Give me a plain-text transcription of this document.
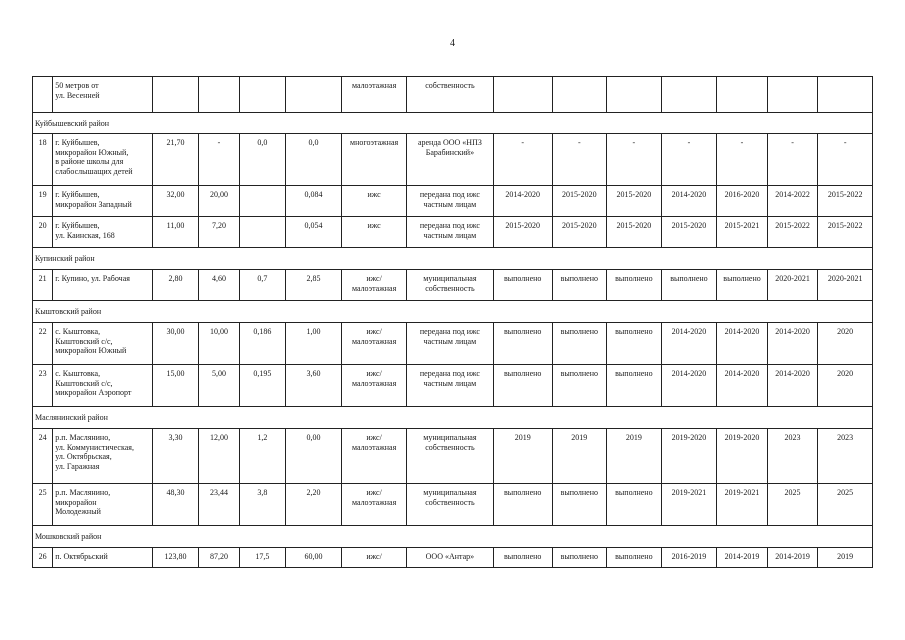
4
	50 метров от
ул. Весенней					малоэтажная	собственность							
Куйбышевский район														
18	г. Куйбышев,
микрорайон Южный,
в районе школы для
слабослышащих детей	21,70	-	0,0	0,0	многоэтажная	аренда ООО «НПЗ
Барабинский»	-	-	-	-	-	-	-
19	г. Куйбышев,
микрорайон Западный	32,00	20,00		0,084	ижс	передана под ижс
частным лицам	2014-2020	2015-2020	2015-2020	2014-2020	2016-2020	2014-2022	2015-2022
20	г. Куйбышев,
ул. Каинская, 168	11,00	7,20		0,054	ижс	передана под ижс
частным лицам	2015-2020	2015-2020	2015-2020	2015-2020	2015-2021	2015-2022	2015-2022
Купинский район														
21	г. Купино, ул. Рабочая	2,80	4,60	0,7	2,85	ижс/
малоэтажная	муниципальная
собственность	выполнено	выполнено	выполнено	выполнено	выполнено	2020-2021	2020-2021
Кыштовский район														
22	с. Кыштовка,
Кыштовский с/с,
микрорайон Южный	30,00	10,00	0,186	1,00	ижс/
малоэтажная	передана под ижс
частным лицам	выполнено	выполнено	выполнено	2014-2020	2014-2020	2014-2020	2020
23	с. Кыштовка,
Кыштовский с/с,
микрорайон Аэропорт	15,00	5,00	0,195	3,60	ижс/
малоэтажная	передана под ижс
частным лицам	выполнено	выполнено	выполнено	2014-2020	2014-2020	2014-2020	2020
Маслянинский район														
24	р.п. Маслянино,
ул. Коммунистическая,
ул. Октябрьская,
ул. Гаражная	3,30	12,00	1,2	0,00	ижс/
малоэтажная	муниципальная
собственность	2019	2019	2019	2019-2020	2019-2020	2023	2023
25	р.п. Маслянино,
микрорайон
Молодежный	48,30	23,44	3,8	2,20	ижс/
малоэтажная	муниципальная
собственность	выполнено	выполнено	выполнено	2019-2021	2019-2021	2025	2025
Мошковский район														
26	п. Октябрьский	123,80	87,20	17,5	60,00	ижс/	ООО «Антар»	выполнено	выполнено	выполнено	2016-2019	2014-2019	2014-2019	2019
